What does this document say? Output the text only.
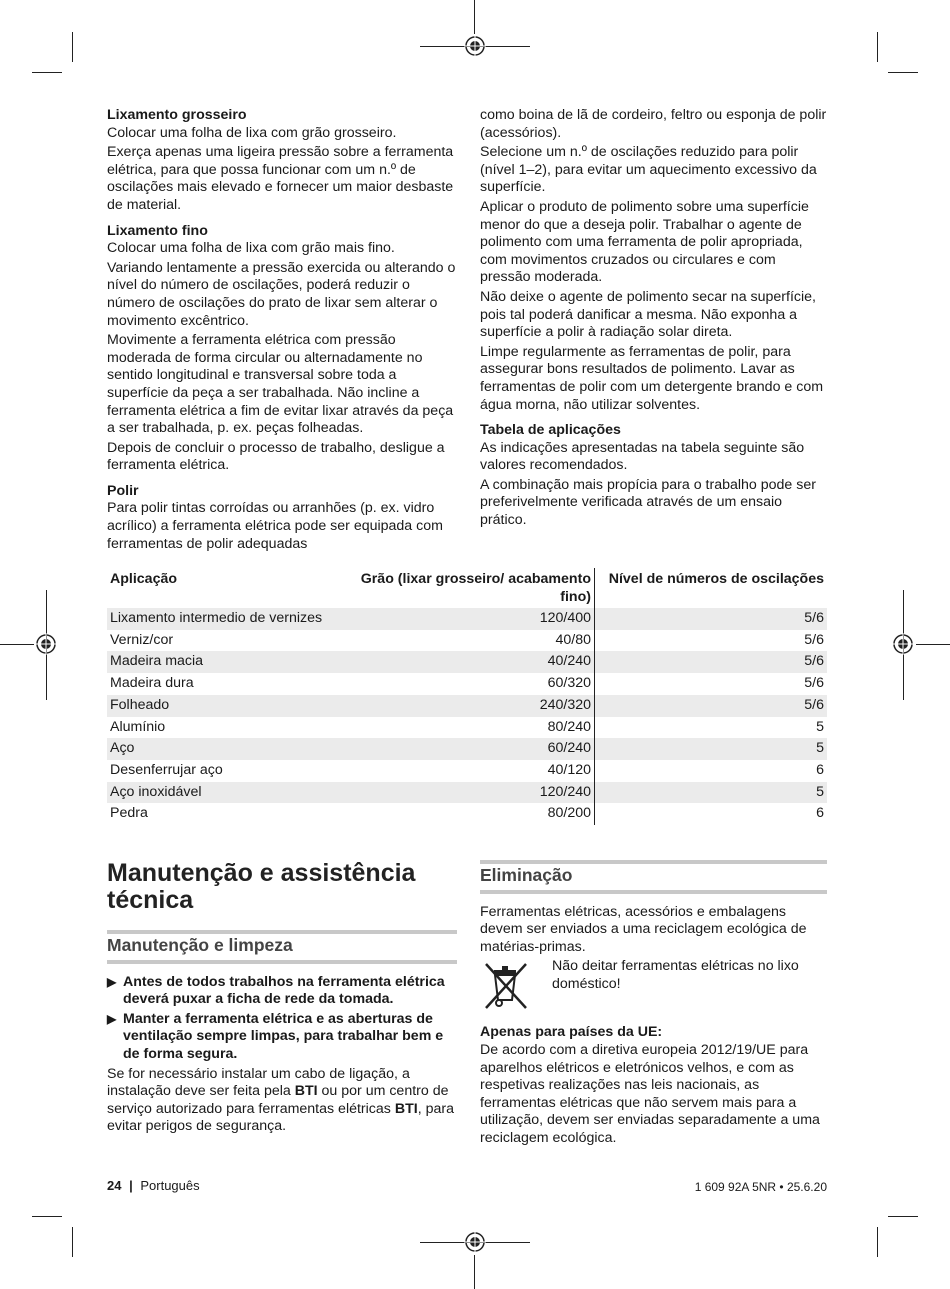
Lixamento grosseiro

Colocar uma folha de lixa com grão grosseiro.

Exerça apenas uma ligeira pressão sobre a ferramenta elétrica, para que possa funcionar com um n.º de oscilações mais elevado e fornecer um maior desbaste de material.

Lixamento fino

Colocar uma folha de lixa com grão mais fino.

Variando lentamente a pressão exercida ou alterando o nível do número de oscilações, poderá reduzir o número de oscilações do prato de lixar sem alterar o movimento excêntrico.

Movimente a ferramenta elétrica com pressão moderada de forma circular ou alternadamente no sentido longitudinal e transversal sobre toda a superfície da peça a ser trabalhada. Não incline a ferramenta elétrica a fim de evitar lixar através da peça a ser trabalhada, p. ex. peças folheadas.

Depois de concluir o processo de trabalho, desligue a ferramenta elétrica.

Polir

Para polir tintas corroídas ou arranhões (p. ex. vidro acrílico) a ferramenta elétrica pode ser equipada com ferramentas de polir adequadas

como boina de lã de cordeiro, feltro ou esponja de polir (acessórios).

Selecione um n.º de oscilações reduzido para polir (nível 1–2), para evitar um aquecimento excessivo da superfície.

Aplicar o produto de polimento sobre uma superfície menor do que a deseja polir. Trabalhar o agente de polimento com uma ferramenta de polir apropriada, com movimentos cruzados ou circulares e com pressão moderada.

Não deixe o agente de polimento secar na superfície, pois tal poderá danificar a mesma. Não exponha a superfície a polir à radiação solar direta.

Limpe regularmente as ferramentas de polir, para assegurar bons resultados de polimento. Lavar as ferramentas de polir com um detergente brando e com água morna, não utilizar solventes.

Tabela de aplicações

As indicações apresentadas na tabela seguinte são valores recomendados.

A combinação mais propícia para o trabalho pode ser preferivelmente verificada através de um ensaio prático.

Aplicação	Grão (lixar grosseiro/ acabamento fino)	Nível de números de oscilações
Lixamento intermedio de vernizes	120/400	5/6
Verniz/cor	40/80	5/6
Madeira macia	40/240	5/6
Madeira dura	60/320	5/6
Folheado	240/320	5/6
Alumínio	80/240	5
Aço	60/240	5
Desenferrujar aço	40/120	6
Aço inoxidável	120/240	5
Pedra	80/200	6
Manutenção e assistência técnica
Manutenção e limpeza

▶ Antes de todos trabalhos na ferramenta elétrica deverá puxar a ficha de rede da tomada.

▶ Manter a ferramenta elétrica e as aberturas de ventilação sempre limpas, para trabalhar bem e de forma segura.

Se for necessário instalar um cabo de ligação, a instalação deve ser feita pela BTI ou por um centro de serviço autorizado para ferramentas elétricas BTI, para evitar perigos de segurança.

Eliminação

Ferramentas elétricas, acessórios e embalagens devem ser enviados a uma reciclagem ecológica de matérias-primas.

Não deitar ferramentas elétricas no lixo doméstico!

Apenas para países da UE:

De acordo com a diretiva europeia 2012/19/UE para aparelhos elétricos e eletrónicos velhos, e com as respetivas realizações nas leis nacionais, as ferramentas elétricas que não servem mais para a utilização, devem ser enviadas separadamente a uma reciclagem ecológica.

24 | Português	1 609 92A 5NR • 25.6.20
